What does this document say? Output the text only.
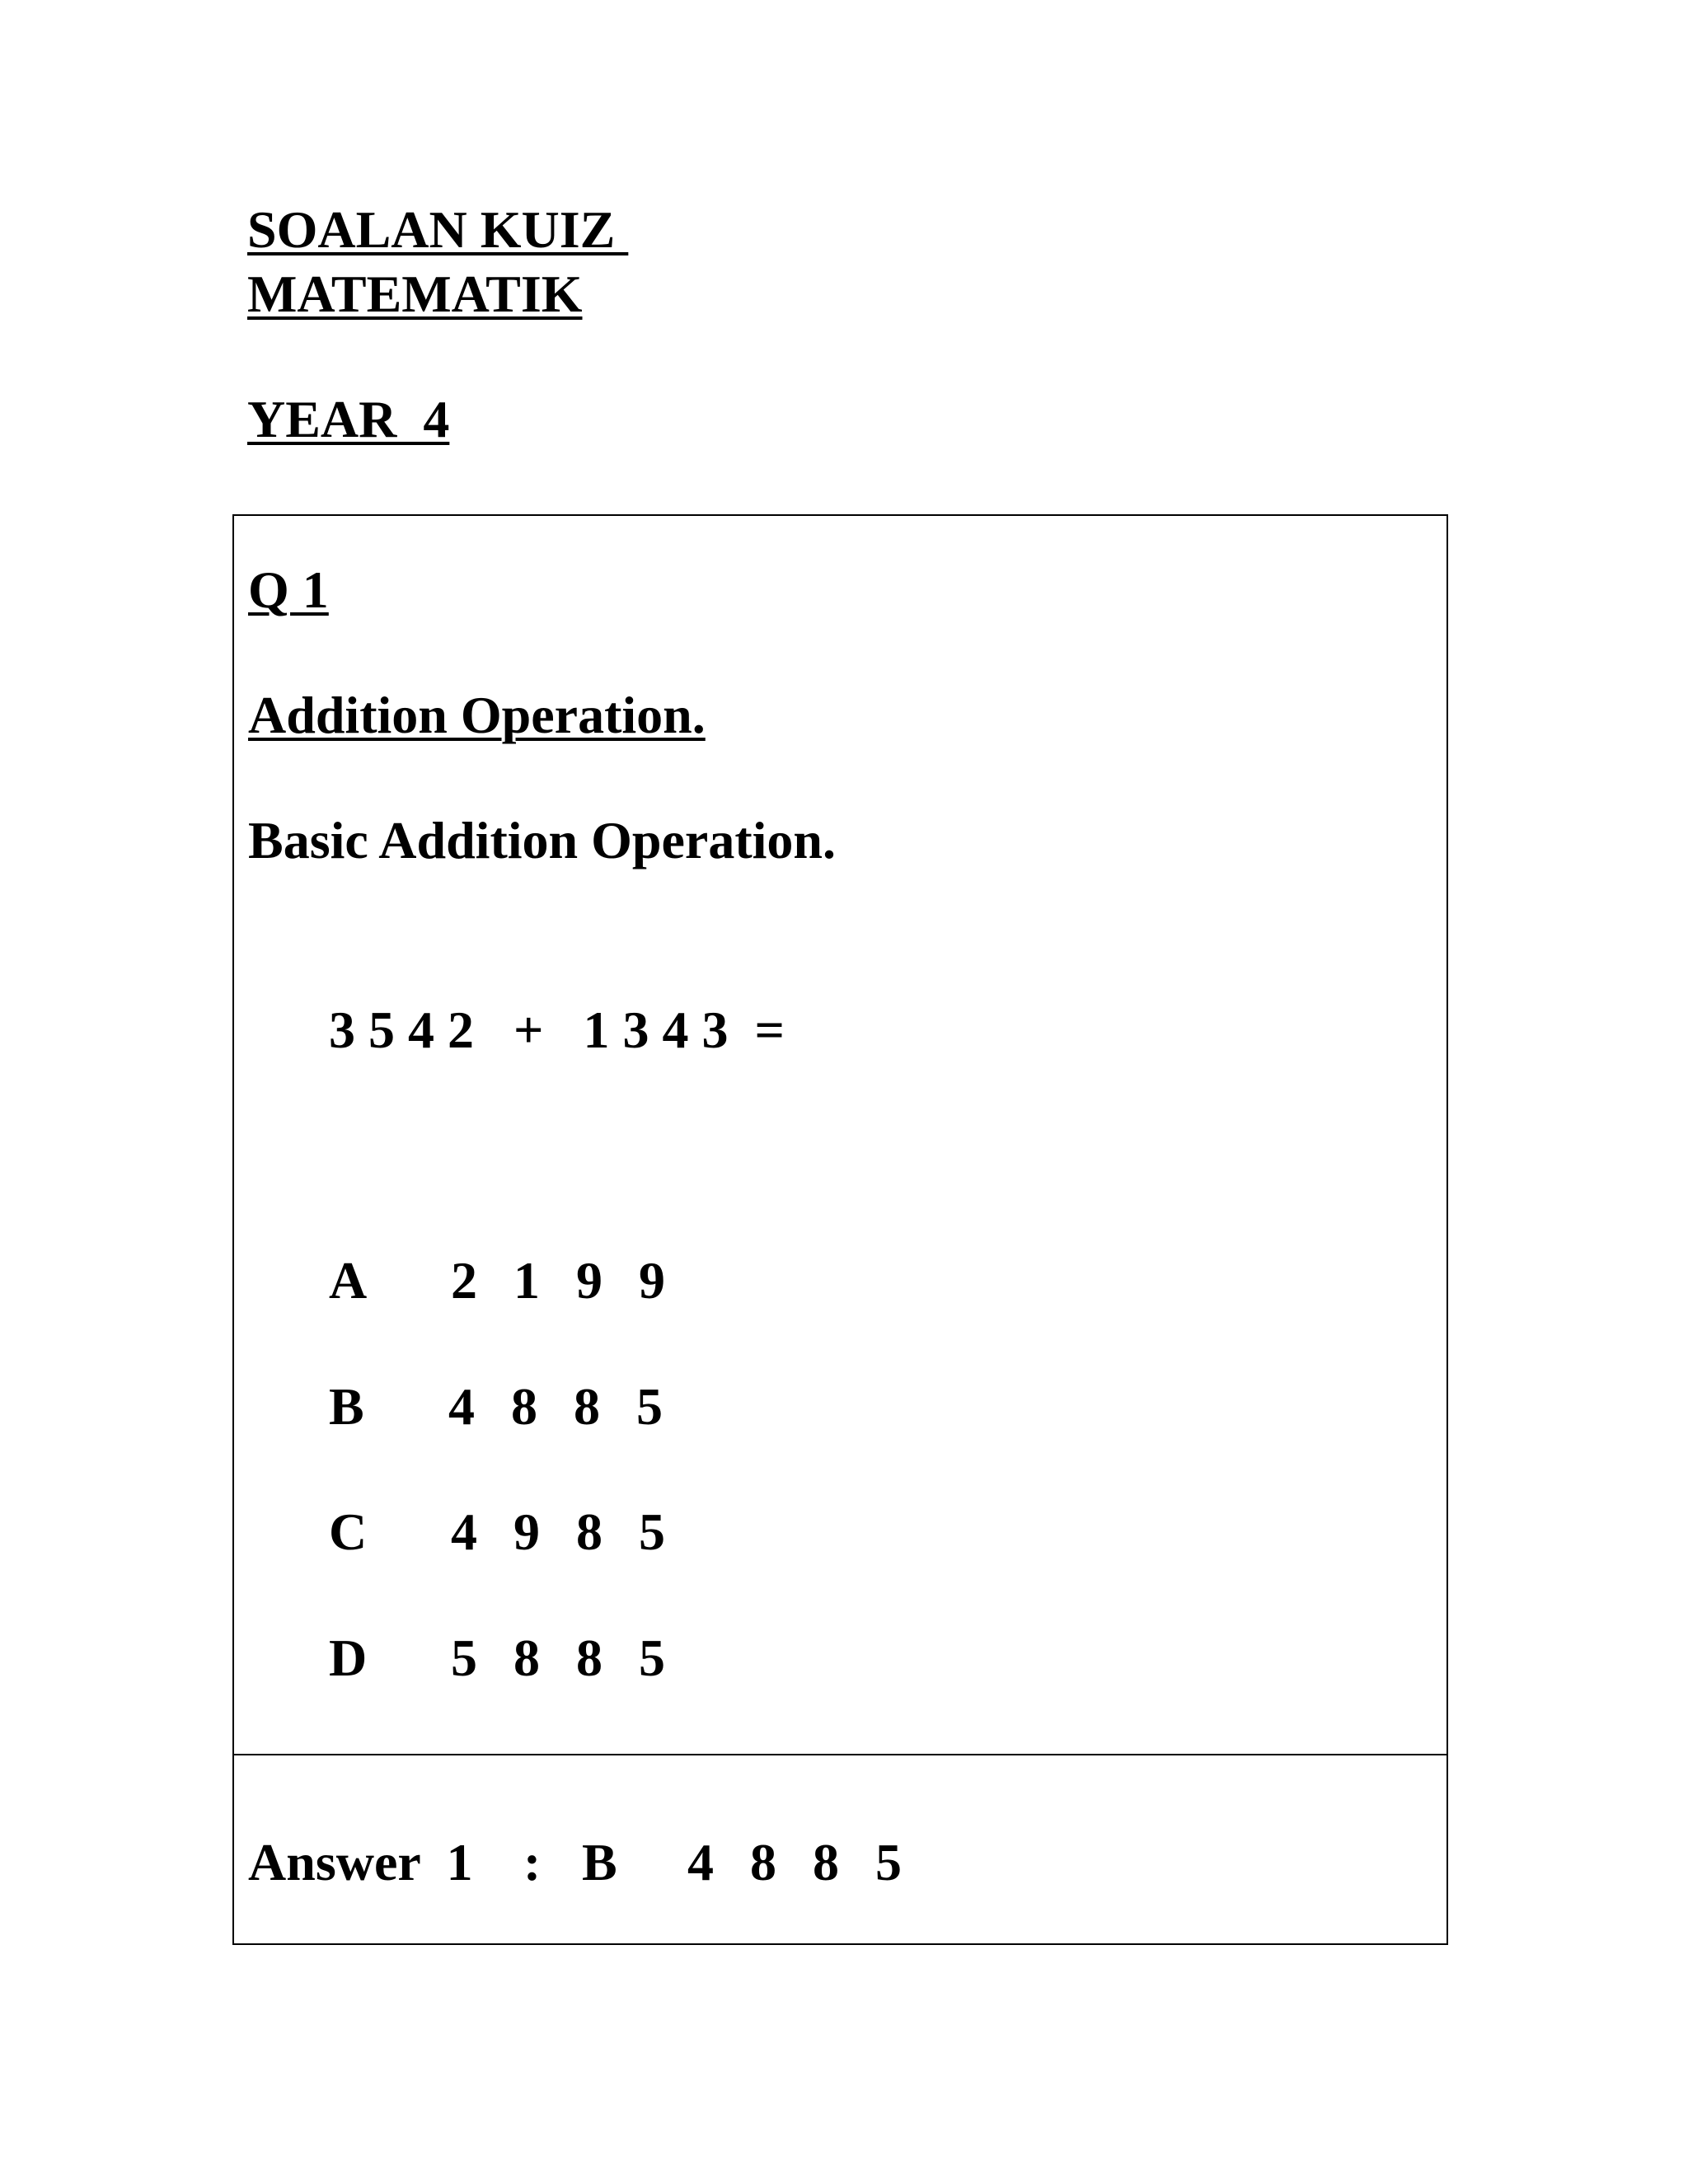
SOALAN KUIZ
MATEMATIK
YEAR  4
Q 1
Addition Operation.
Basic Addition Operation.
3 5 4 2   +   1 3 4 3  =
A 2 1 9 9
B 4 8 8 5
C 4 9 8 5
D 5 8 8 5
Answer  1 : B 4 8 8 5
